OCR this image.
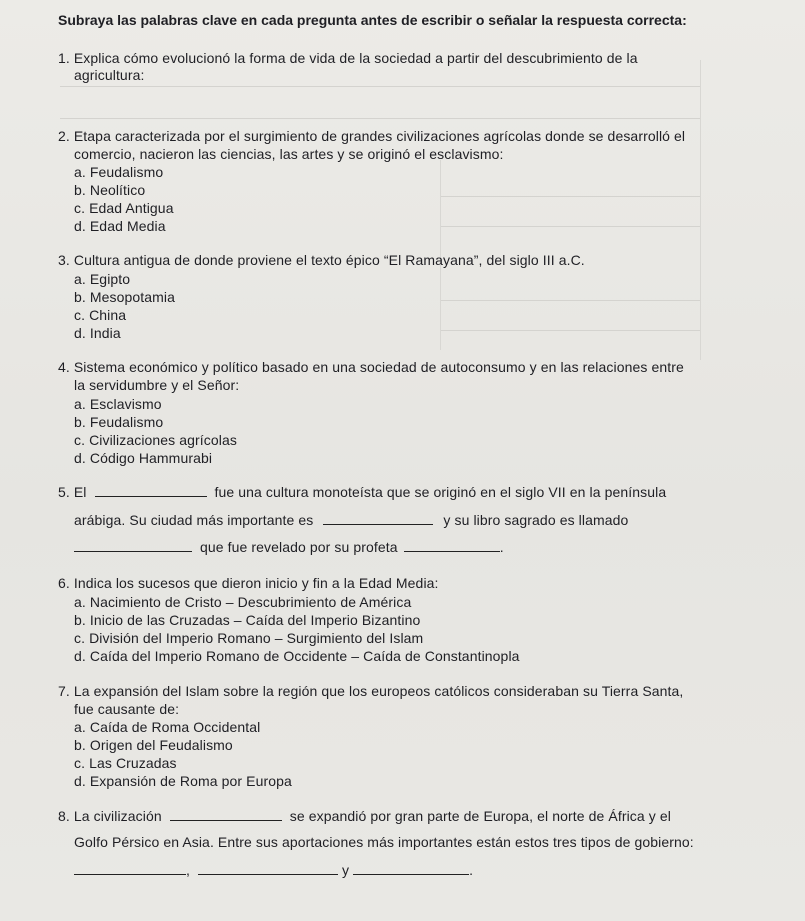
Subraya las palabras clave en cada pregunta antes de escribir o señalar la respuesta correcta:
1. Explica cómo evolucionó la forma de vida de la sociedad a partir del descubrimiento de la
agricultura:
2. Etapa caracterizada por el surgimiento de grandes civilizaciones agrícolas donde se desarrolló el
comercio, nacieron las ciencias, las artes y se originó el esclavismo:
a. Feudalismo
b. Neolítico
c. Edad Antigua
d. Edad Media
3. Cultura antigua de donde proviene el texto épico “El Ramayana”, del siglo III a.C.
a. Egipto
b. Mesopotamia
c. China
d. India
4. Sistema económico y político basado en una sociedad de autoconsumo y en las relaciones entre
la servidumbre y el Señor:
a. Esclavismo
b. Feudalismo
c. Civilizaciones agrícolas
d. Código Hammurabi
5. El	fue una cultura monoteísta que se originó en el siglo VII en la península
arábiga. Su ciudad más importante es	y su libro sagrado es llamado
que fue revelado por su profeta	.
6. Indica los sucesos que dieron inicio y fin a la Edad Media:
a. Nacimiento de Cristo – Descubrimiento de América
b. Inicio de las Cruzadas – Caída del Imperio Bizantino
c. División del Imperio Romano – Surgimiento del Islam
d. Caída del Imperio Romano de Occidente – Caída de Constantinopla
7. La expansión del Islam sobre la región que los europeos católicos consideraban su Tierra Santa,
fue causante de:
a. Caída de Roma Occidental
b. Origen del Feudalismo
c. Las Cruzadas
d. Expansión de Roma por Europa
8. La civilización	se expandió por gran parte de Europa, el norte de África y el
Golfo Pérsico en Asia. Entre sus aportaciones más importantes están estos tres tipos de gobierno:
,	y	.
